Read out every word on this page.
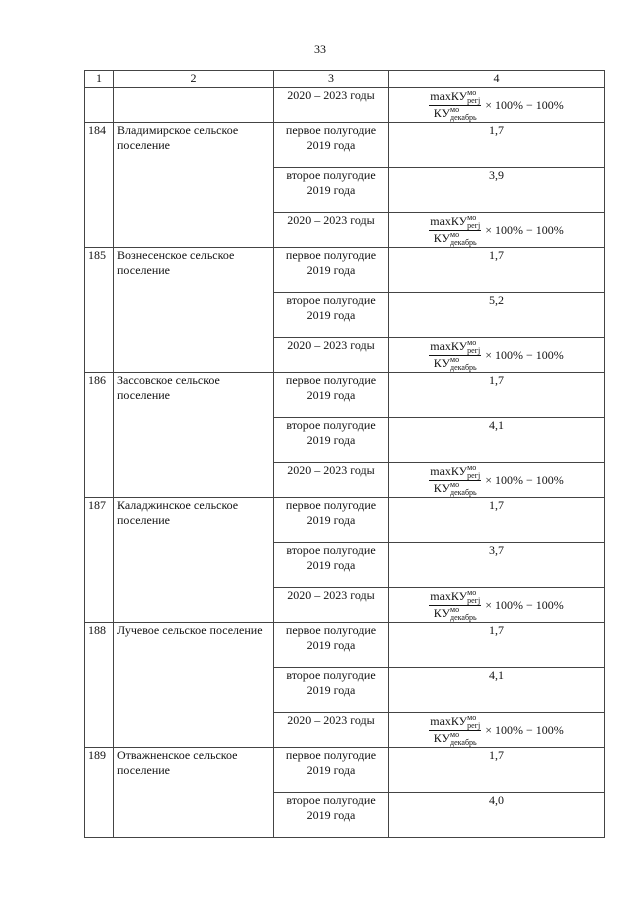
33
1	2	3	4
		2020 – 2023 годы	maxКУмо
регj
КУмо
декабрь
× 100% − 100%

184	Владимирское сельское поселение	первое полугодие 2019 года	1,7
		второе полугодие 2019 года	3,9
		2020 – 2023 годы	maxКУмо
регj
КУмо
декабрь
× 100% − 100%

185	Вознесенское сельское поселение	первое полугодие 2019 года	1,7
		второе полугодие 2019 года	5,2
		2020 – 2023 годы	maxКУмо
регj
КУмо
декабрь
× 100% − 100%

186	Зассовское сельское поселение	первое полугодие 2019 года	1,7
		второе полугодие 2019 года	4,1
		2020 – 2023 годы	maxКУмо
регj
КУмо
декабрь
× 100% − 100%

187	Каладжинское сельское поселение	первое полугодие 2019 года	1,7
		второе полугодие 2019 года	3,7
		2020 – 2023 годы	maxКУмо
регj
КУмо
декабрь
× 100% − 100%

188	Лучевое сельское поселение	первое полугодие 2019 года	1,7
		второе полугодие 2019 года	4,1
		2020 – 2023 годы	maxКУмо
регj
КУмо
декабрь
× 100% − 100%

189	Отважненское сельское поселение	первое полугодие 2019 года	1,7
		второе полугодие 2019 года	4,0
